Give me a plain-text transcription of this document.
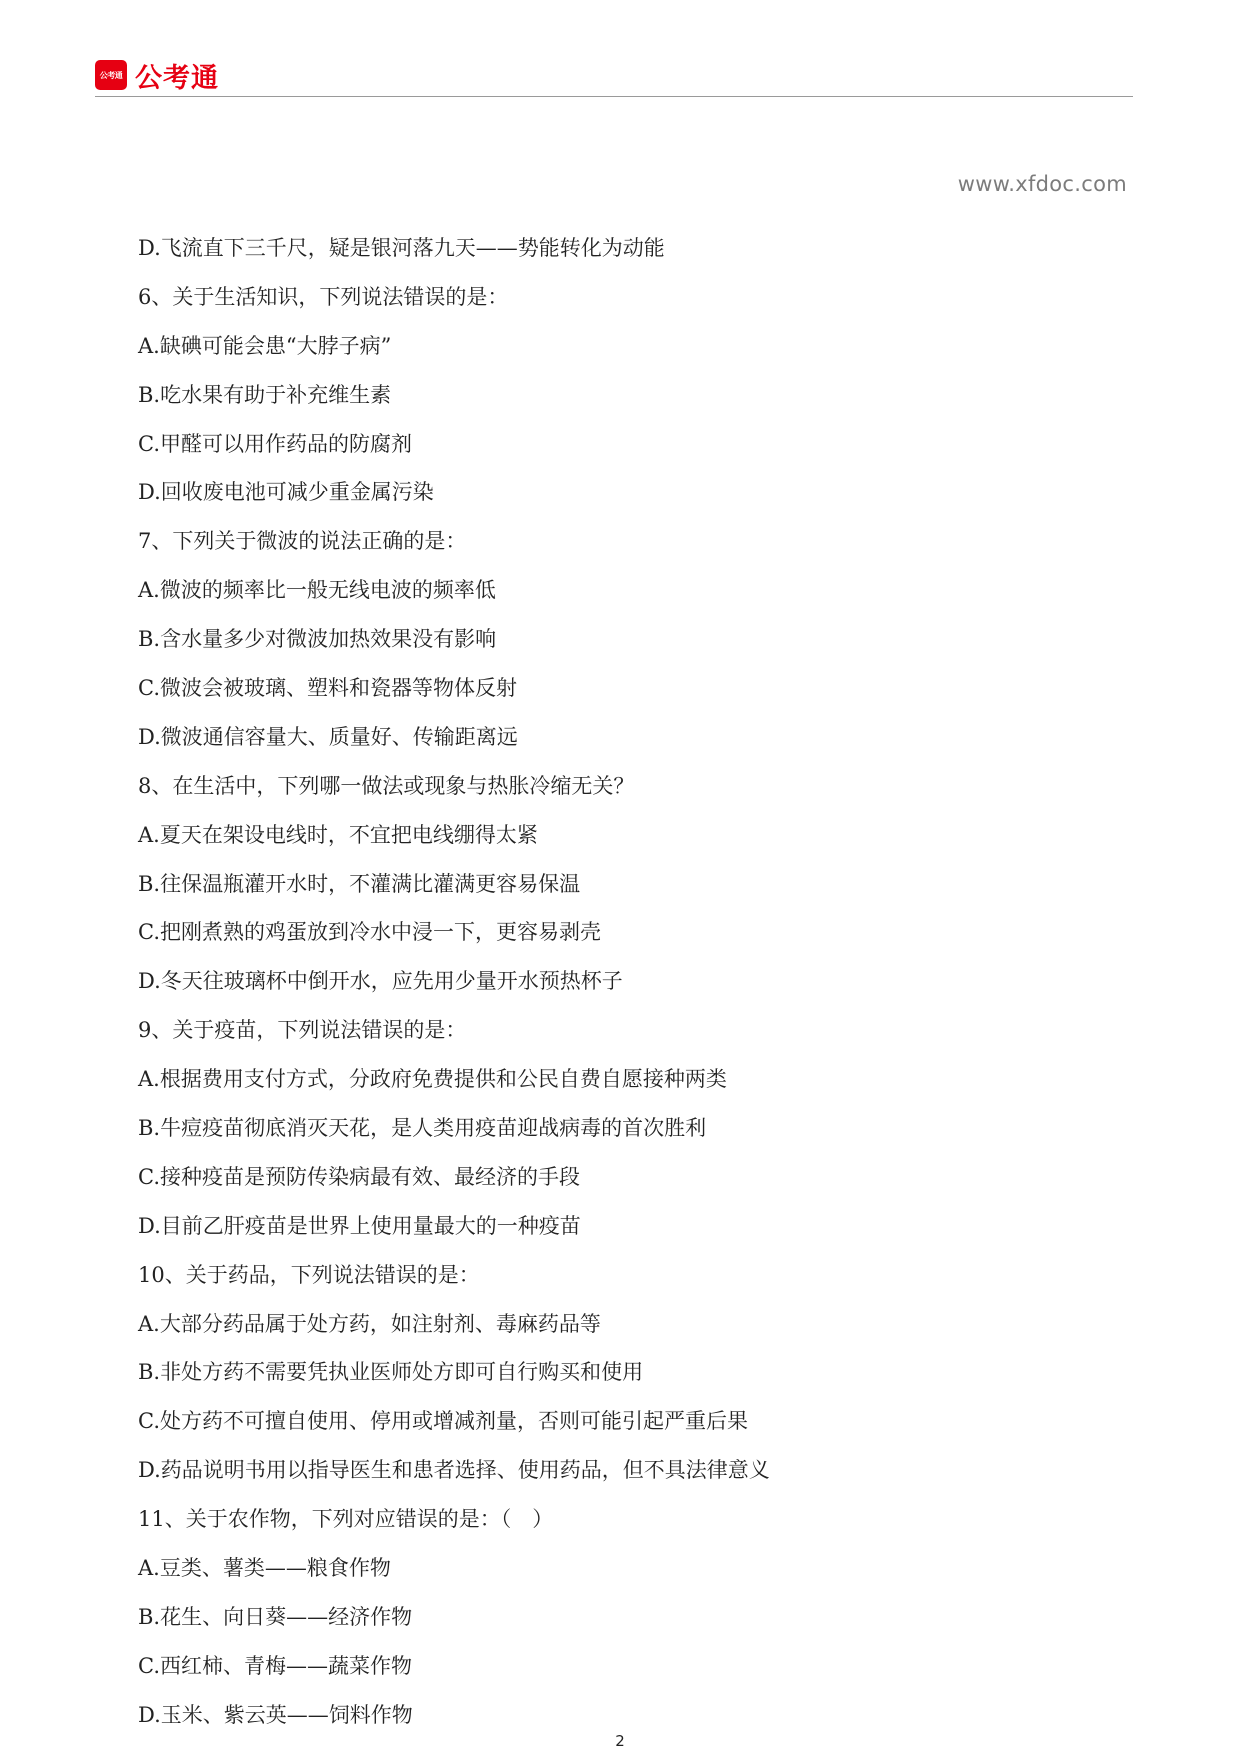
公考通 公考通
www.xfdoc.com
D.飞流直下三千尺，疑是银河落九天——势能转化为动能
6、关于生活知识，下列说法错误的是：
A.缺碘可能会患“大脖子病”
B.吃水果有助于补充维生素
C.甲醛可以用作药品的防腐剂
D.回收废电池可减少重金属污染
7、下列关于微波的说法正确的是：
A.微波的频率比一般无线电波的频率低
B.含水量多少对微波加热效果没有影响
C.微波会被玻璃、塑料和瓷器等物体反射
D.微波通信容量大、质量好、传输距离远
8、在生活中，下列哪一做法或现象与热胀冷缩无关？
A.夏天在架设电线时，不宜把电线绷得太紧
B.往保温瓶灌开水时，不灌满比灌满更容易保温
C.把刚煮熟的鸡蛋放到冷水中浸一下，更容易剥壳
D.冬天往玻璃杯中倒开水，应先用少量开水预热杯子
9、关于疫苗，下列说法错误的是：
A.根据费用支付方式，分政府免费提供和公民自费自愿接种两类
B.牛痘疫苗彻底消灭天花，是人类用疫苗迎战病毒的首次胜利
C.接种疫苗是预防传染病最有效、最经济的手段
D.目前乙肝疫苗是世界上使用量最大的一种疫苗
10、关于药品，下列说法错误的是：
A.大部分药品属于处方药，如注射剂、毒麻药品等
B.非处方药不需要凭执业医师处方即可自行购买和使用
C.处方药不可擅自使用、停用或增减剂量，否则可能引起严重后果
D.药品说明书用以指导医生和患者选择、使用药品，但不具法律意义
11、关于农作物，下列对应错误的是：（　）
A.豆类、薯类——粮食作物
B.花生、向日葵——经济作物
C.西红柿、青梅——蔬菜作物
D.玉米、紫云英——饲料作物
2
